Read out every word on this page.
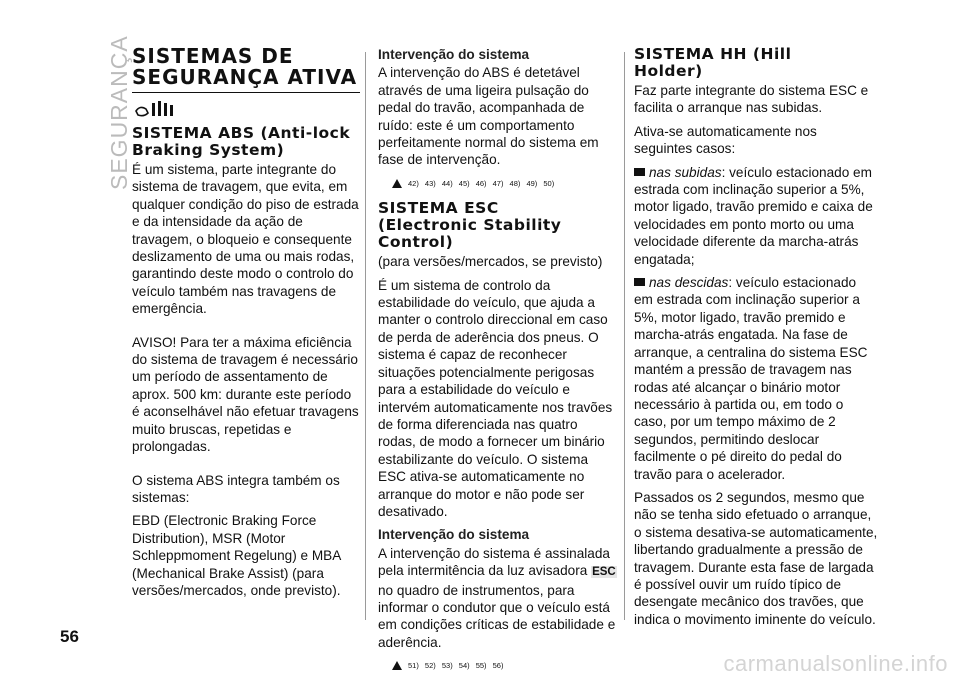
SEGURANÇA
56
SISTEMAS DE
SEGURANÇA ATIVA
SISTEMA ABS (Anti-lock
Braking System)

É um sistema, parte integrante do sistema de travagem, que evita, em qualquer condição do piso de estrada e da intensidade da ação de travagem, o bloqueio e consequente deslizamento de uma ou mais rodas, garantindo deste modo o controlo do veículo também nas travagens de emergência.

AVISO! Para ter a máxima eficiência do sistema de travagem é necessário um período de assentamento de aprox. 500 km: durante este período é aconselhável não efetuar travagens muito bruscas, repetidas e prolongadas.

O sistema ABS integra também os sistemas:

EBD (Electronic Braking Force Distribution), MSR (Motor Schleppmoment Regelung) e MBA (Mechanical Brake Assist) (para versões/mercados, onde previsto).

Intervenção do sistema

A intervenção do ABS é detetável através de uma ligeira pulsação do pedal do travão, acompanhada de ruído: este é um comportamento perfeitamente normal do sistema em fase de intervenção.

42) 43) 44) 45) 46) 47) 48) 49) 50)
SISTEMA ESC
(Electronic Stability
Control)

(para versões/mercados, se previsto)

É um sistema de controlo da estabilidade do veículo, que ajuda a manter o controlo direccional em caso de perda de aderência dos pneus. O sistema é capaz de reconhecer situações potencialmente perigosas para a estabilidade do veículo e intervém automaticamente nos travões de forma diferenciada nas quatro rodas, de modo a fornecer um binário estabilizante do veículo. O sistema ESC ativa-se automaticamente no arranque do motor e não pode ser desativado.

Intervenção do sistema

A intervenção do sistema é assinalada pela intermitência da luz avisadora ESC no quadro de instrumentos, para informar o condutor que o veículo está em condições críticas de estabilidade e aderência.

51) 52) 53) 54) 55) 56)
SISTEMA HH (Hill
Holder)

Faz parte integrante do sistema ESC e facilita o arranque nas subidas.

Ativa-se automaticamente nos seguintes casos:

nas subidas: veículo estacionado em estrada com inclinação superior a 5%, motor ligado, travão premido e caixa de velocidades em ponto morto ou uma velocidade diferente da marcha-atrás engatada;

nas descidas: veículo estacionado em estrada com inclinação superior a 5%, motor ligado, travão premido e marcha-atrás engatada. Na fase de arranque, a centralina do sistema ESC mantém a pressão de travagem nas rodas até alcançar o binário motor necessário à partida ou, em todo o caso, por um tempo máximo de 2 segundos, permitindo deslocar facilmente o pé direito do pedal do travão para o acelerador.

Passados os 2 segundos, mesmo que não se tenha sido efetuado o arranque, o sistema desativa-se automaticamente, libertando gradualmente a pressão de travagem. Durante esta fase de largada é possível ouvir um ruído típico de desengate mecânico dos travões, que indica o movimento iminente do veículo.

carmanualsonline.info
